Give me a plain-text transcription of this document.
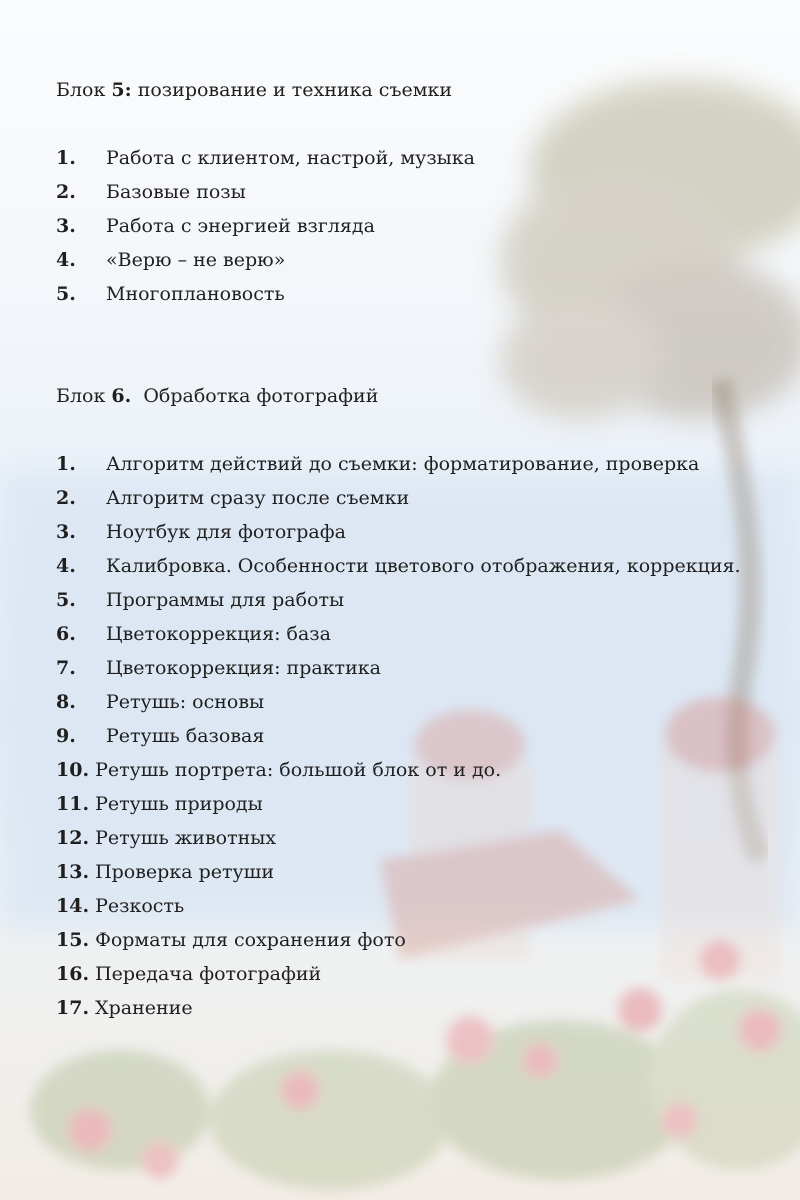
Блок 5: позирование и техника съемки
1.	Работа с клиентом, настрой, музыка
2.	Базовые позы
3.	Работа с энергией взгляда
4.	«Верю – не верю»
5.	Многоплановость
Блок 6. Обработка фотографий
1.	Алгоритм действий до съемки: форматирование, проверка
2.	Алгоритм сразу после съемки
3.	Ноутбук для фотографа
4.	Калибровка. Особенности цветового отображения, коррекция.
5.	Программы для работы
6.	Цветокоррекция: база
7.	Цветокоррекция: практика
8.	Ретушь: основы
9.	Ретушь базовая
10. Ретушь портрета: большой блок от и до.
11. Ретушь природы
12. Ретушь животных
13. Проверка ретуши
14. Резкость
15. Форматы для сохранения фото
16. Передача фотографий
17. Хранение
